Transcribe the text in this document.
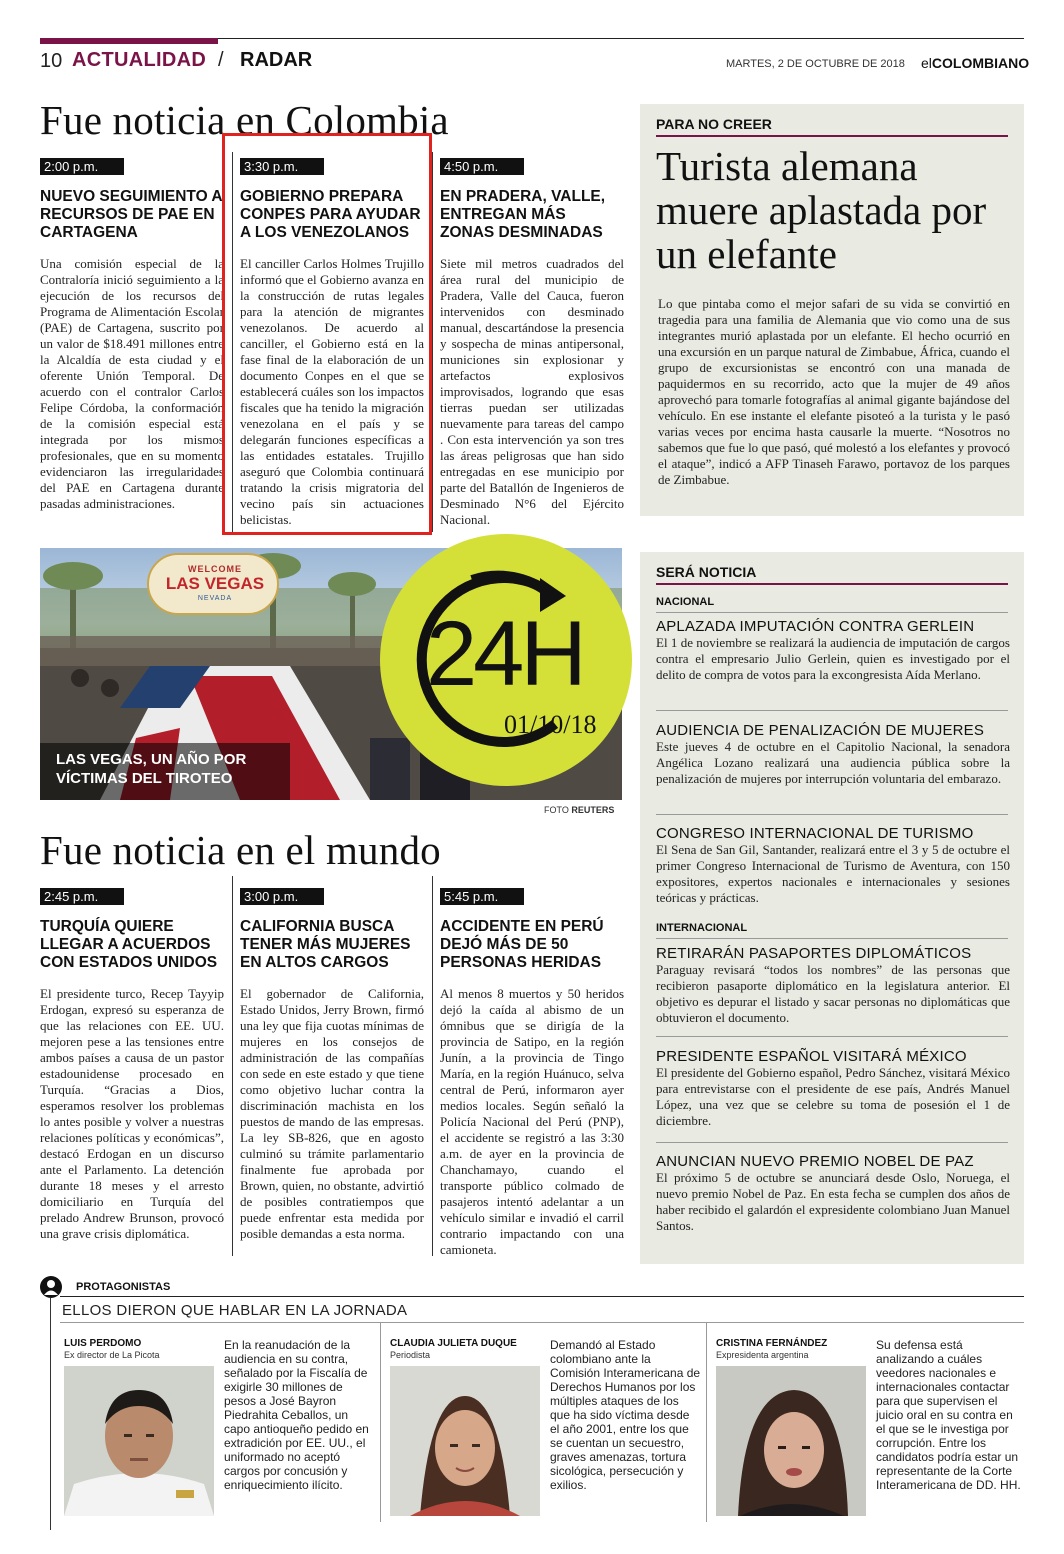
10 ACTUALIDAD / RADAR	MARTES, 2 DE OCTUBRE DE 2018 elCOLOMBIANO
Fue noticia en Colombia
2:00 p.m.
NUEVO SEGUIMIENTO A RECURSOS DE PAE EN CARTAGENA
Una comisión especial de la Contraloría inició seguimiento a la ejecución de los recursos del Programa de Alimentación Escolar (PAE) de Cartagena, suscrito por un valor de $18.491 millones entre la Alcaldía de esta ciudad y el oferente Unión Temporal. De acuerdo con el contralor Carlos Felipe Córdoba, la conformación de la comisión especial está integrada por los mismos profesionales, que en su momento evidenciaron las irregularidades del PAE en Cartagena durante pasadas administraciones.
3:30 p.m.
GOBIERNO PREPARA CONPES PARA AYUDAR A LOS VENEZOLANOS
El canciller Carlos Holmes Trujillo informó que el Gobierno avanza en la construcción de rutas legales para la atención de migrantes venezolanos. De acuerdo al canciller, el Gobierno está en la fase final de la elaboración de un documento Conpes en el que se establecerá cuáles son los impactos fiscales que ha tenido la migración venezolana en el país y se delegarán funciones específicas a las entidades estatales. Trujillo aseguró que Colombia continuará tratando la crisis migratoria del vecino país sin actuaciones belicistas.
4:50 p.m.
EN PRADERA, VALLE, ENTREGAN MÁS ZONAS DESMINADAS
Siete mil metros cuadrados del área rural del municipio de Pradera, Valle del Cauca, fueron intervenidos con desminado manual, descartándose la presencia y sospecha de minas antipersonal, municiones sin explosionar y artefactos explosivos improvisados, logrando que esas tierras puedan ser utilizadas nuevamente para tareas del campo . Con esta intervención ya son tres las áreas peligrosas que han sido entregadas en ese municipio por parte del Batallón de Ingenieros de Desminado N°6 del Ejército Nacional.
PARA NO CREER
Turista alemana muere aplastada por un elefante
Lo que pintaba como el mejor safari de su vida se convirtió en tragedia para una familia de Alemania que vio como una de sus integrantes murió aplastada por un elefante. El hecho ocurrió en una excursión en un parque natural de Zimbabue, África, cuando el grupo de excursionistas se encontró con una manada de paquidermos en su recorrido, acto que la mujer de 49 años aprovechó para tomarle fotografías al animal gigante bajándose del vehículo. En ese instante el elefante pisoteó a la turista y le pasó varias veces por encima hasta causarle la muerte. “Nosotros no sabemos que fue lo que pasó, qué molestó a los elefantes y provocó el ataque”, indicó a AFP Tinaseh Farawo, portavoz de los parques de Zimbabue.
WELCOME
LAS VEGAS
NEVADA
LAS VEGAS, UN AÑO POR
VÍCTIMAS DEL TIROTEO
24H
01/10/18
FOTO REUTERS
SERÁ NOTICIA
NACIONAL
APLAZADA IMPUTACIÓN CONTRA GERLEIN
El 1 de noviembre se realizará la audiencia de imputación de cargos contra el empresario Julio Gerlein, quien es investigado por el delito de compra de votos para la excongresista Aída Merlano.
AUDIENCIA DE PENALIZACIÓN DE MUJERES
Este jueves 4 de octubre en el Capitolio Nacional, la senadora Angélica Lozano realizará una audiencia pública sobre la penalización de mujeres por interrupción voluntaria del embarazo.
CONGRESO INTERNACIONAL DE TURISMO
El Sena de San Gil, Santander, realizará entre el 3 y 5 de octubre el primer Congreso Internacional de Turismo de Aventura, con 150 expositores, expertos nacionales e internacionales y sesiones teóricas y prácticas.
INTERNACIONAL
RETIRARÁN PASAPORTES DIPLOMÁTICOS
Paraguay revisará “todos los nombres” de las personas que recibieron pasaporte diplomático en la legislatura anterior. El objetivo es depurar el listado y sacar personas no diplomáticas que obtuvieron el documento.
PRESIDENTE ESPAÑOL VISITARÁ MÉXICO
El presidente del Gobierno español, Pedro Sánchez, visitará México para entrevistarse con el presidente de ese país, Andrés Manuel López, una vez que se celebre su toma de posesión el 1 de diciembre.
ANUNCIAN NUEVO PREMIO NOBEL DE PAZ
El próximo 5 de octubre se anunciará desde Oslo, Noruega, el nuevo premio Nobel de Paz. En esta fecha se cumplen dos años de haber recibido el galardón el expresidente colombiano Juan Manuel Santos.
Fue noticia en el mundo
2:45 p.m.
TURQUÍA QUIERE LLEGAR A ACUERDOS CON ESTADOS UNIDOS
El presidente turco, Recep Tayyip Erdogan, expresó su esperanza de que las relaciones con EE. UU. mejoren pese a las tensiones entre ambos países a causa de un pastor estadounidense procesado en Turquía. “Gracias a Dios, esperamos resolver los problemas lo antes posible y volver a nuestras relaciones políticas y económicas”, destacó Erdogan en un discurso ante el Parlamento. La detención durante 18 meses y el arresto domiciliario en Turquía del prelado Andrew Brunson, provocó una grave crisis diplomática.
3:00 p.m.
CALIFORNIA BUSCA TENER MÁS MUJERES EN ALTOS CARGOS
El gobernador de California, Estado Unidos, Jerry Brown, firmó una ley que fija cuotas mínimas de mujeres en los consejos de administración de las compañías con sede en este estado y que tiene como objetivo luchar contra la discriminación machista en los puestos de mando de las empresas. La ley SB-826, que en agosto culminó su trámite parlamentario finalmente fue aprobada por Brown, quien, no obstante, advirtió de posibles contratiempos que puede enfrentar esta medida por posible demandas a esta norma.
5:45 p.m.
ACCIDENTE EN PERÚ DEJÓ MÁS DE 50 PERSONAS HERIDAS
Al menos 8 muertos y 50 heridos dejó la caída al abismo de un ómnibus que se dirigía de la provincia de Satipo, en la región Junín, a la provincia de Tingo María, en la región Huánuco, selva central de Perú, informaron ayer medios locales. Según señaló la Policía Nacional del Perú (PNP), el accidente se registró a las 3:30 a.m. de ayer en la provincia de Chanchamayo, cuando el transporte público colmado de pasajeros intentó adelantar a un vehículo similar e invadió el carril contrario impactando con una camioneta.
PROTAGONISTAS
ELLOS DIERON QUE HABLAR EN LA JORNADA
LUIS PERDOMO
Ex director de La Picota
En la reanudación de la audiencia en su contra, señalado por la Fiscalía de exigirle 30 millones de pesos a José Bayron Piedrahita Ceballos, un capo antioqueño pedido en extradición por EE. UU., el uniformado no aceptó cargos por concusión y enriquecimiento ilícito.
CLAUDIA JULIETA DUQUE
Periodista
Demandó al Estado colombiano ante la Comisión Interamericana de Derechos Humanos por los múltiples ataques de los que ha sido víctima desde el año 2001, entre los que se cuentan un secuestro, graves amenazas, tortura sicológica, persecución y exilios.
CRISTINA FERNÁNDEZ
Expresidenta argentina
Su defensa está analizando a cuáles veedores nacionales e internacionales contactar para que supervisen el juicio oral en su contra en el que se le investiga por corrupción. Entre los candidatos podría estar un representante de la Corte Interamericana de DD. HH.
